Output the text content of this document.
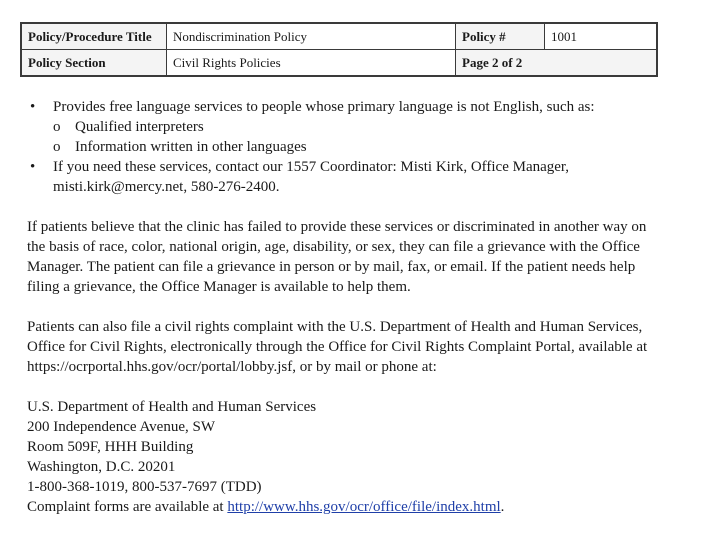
Policy/Procedure Title	Nondiscrimination Policy	Policy #	1001
Policy Section	Civil Rights Policies	Page 2 of 2	
• Provides free language services to people whose primary language is not English, such as:
o Qualified interpreters
o Information written in other languages
• If you need these services, contact our 1557 Coordinator: Misti Kirk, Office Manager, misti.kirk@mercy.net, 580-276-2400.

If patients believe that the clinic has failed to provide these services or discriminated in another way on the basis of race, color, national origin, age, disability, or sex, they can file a grievance with the Office Manager. The patient can file a grievance in person or by mail, fax, or email. If the patient needs help filing a grievance, the Office Manager is available to help them.

Patients can also file a civil rights complaint with the U.S. Department of Health and Human Services, Office for Civil Rights, electronically through the Office for Civil Rights Complaint Portal, available at https://ocrportal.hhs.gov/ocr/portal/lobby.jsf, or by mail or phone at:

U.S. Department of Health and Human Services
200 Independence Avenue, SW
Room 509F, HHH Building
Washington, D.C. 20201
1-800-368-1019, 800-537-7697 (TDD)
Complaint forms are available at http://www.hhs.gov/ocr/office/file/index.html.
